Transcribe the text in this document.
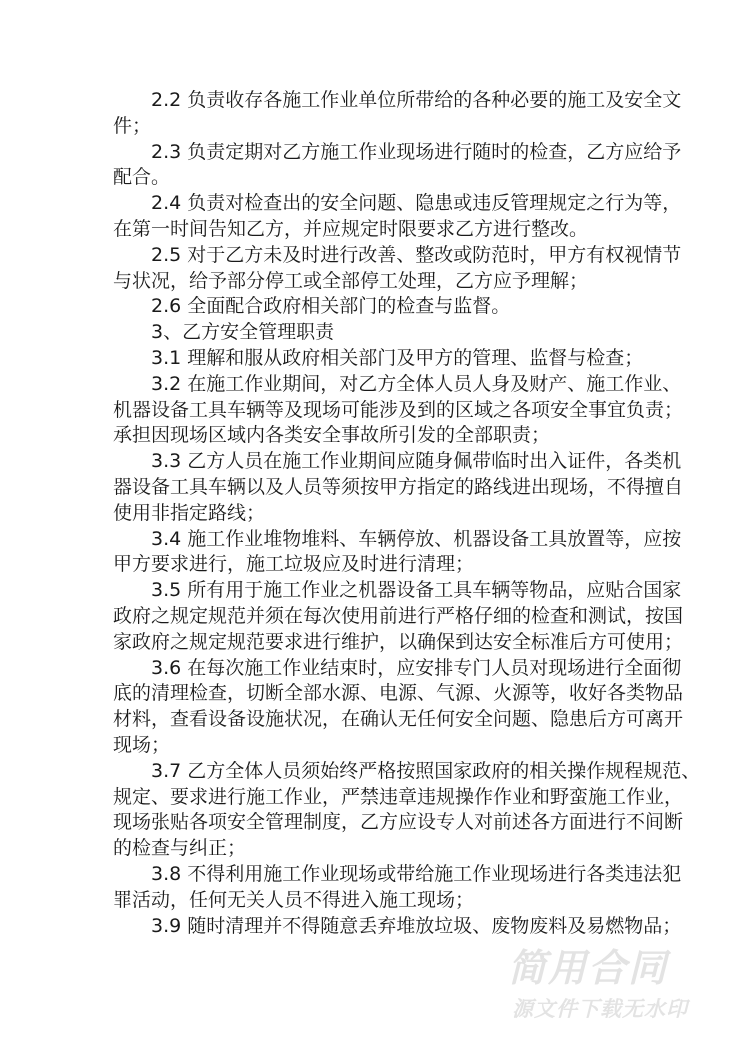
2.2 负责收存各施工作业单位所带给的各种必要的施工及安全文
件；
2.3 负责定期对乙方施工作业现场进行随时的检查，乙方应给予
配合。
2.4 负责对检查出的安全问题、隐患或违反管理规定之行为等，
在第一时间告知乙方，并应规定时限要求乙方进行整改。
2.5 对于乙方未及时进行改善、整改或防范时，甲方有权视情节
与状况，给予部分停工或全部停工处理，乙方应予理解；
2.6 全面配合政府相关部门的检查与监督。
3、乙方安全管理职责
3.1 理解和服从政府相关部门及甲方的管理、监督与检查；
3.2 在施工作业期间，对乙方全体人员人身及财产、施工作业、
机器设备工具车辆等及现场可能涉及到的区域之各项安全事宜负责；
承担因现场区域内各类安全事故所引发的全部职责；
3.3 乙方人员在施工作业期间应随身佩带临时出入证件，各类机
器设备工具车辆以及人员等须按甲方指定的路线进出现场，不得擅自
使用非指定路线；
3.4 施工作业堆物堆料、车辆停放、机器设备工具放置等，应按
甲方要求进行，施工垃圾应及时进行清理；
3.5 所有用于施工作业之机器设备工具车辆等物品，应贴合国家
政府之规定规范并须在每次使用前进行严格仔细的检查和测试，按国
家政府之规定规范要求进行维护，以确保到达安全标准后方可使用；
3.6 在每次施工作业结束时，应安排专门人员对现场进行全面彻
底的清理检查，切断全部水源、电源、气源、火源等，收好各类物品
材料，查看设备设施状况，在确认无任何安全问题、隐患后方可离开
现场；
3.7 乙方全体人员须始终严格按照国家政府的相关操作规程规范、
规定、要求进行施工作业，严禁违章违规操作作业和野蛮施工作业，
现场张贴各项安全管理制度，乙方应设专人对前述各方面进行不间断
的检查与纠正；
3.8 不得利用施工作业现场或带给施工作业现场进行各类违法犯
罪活动，任何无关人员不得进入施工现场；
3.9 随时清理并不得随意丢弃堆放垃圾、废物废料及易燃物品；
简用合同
源文件下载无水印
